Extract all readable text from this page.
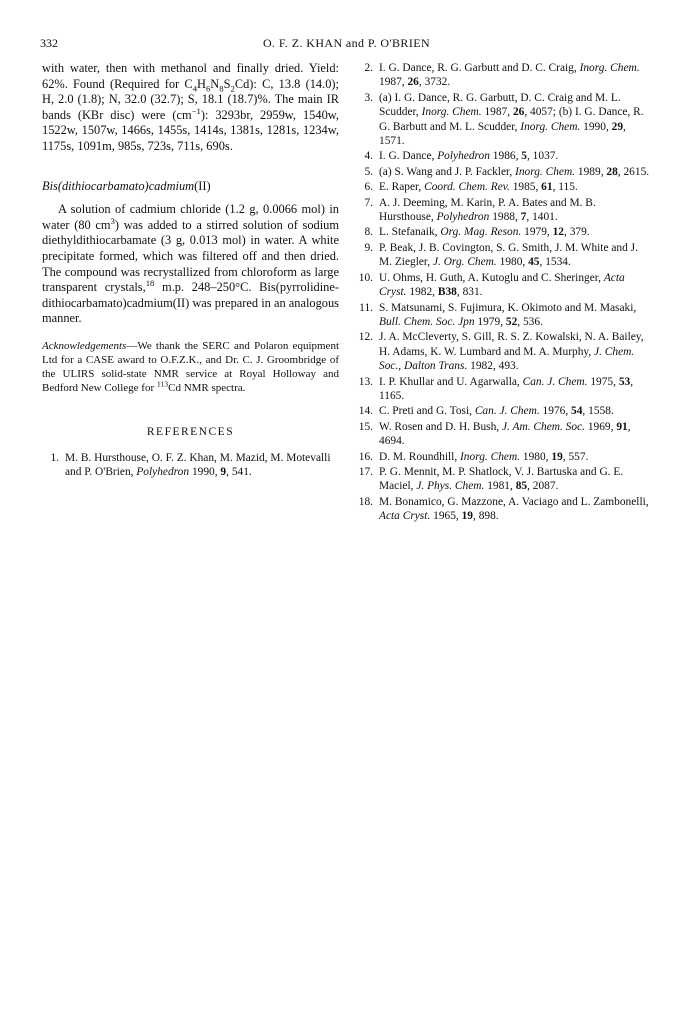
332	O. F. Z. KHAN and P. O'BRIEN

with water, then with methanol and finally dried. Yield: 62%. Found (Required for $C_4H_6N_8S_2Cd$): C, 13.8 (14.0); H, 2.0 (1.8); N, 32.0 (32.7); S, 18.1 (18.7)%. The main IR bands (KBr disc) were $(cm^{-1})$: 3293br, 2959w, 1540w, 1522w, 1507w, 1466s, 1455s, 1414s, 1381s, 1281s, 1234w, 1175s, 1091m, 985s, 723s, 711s, 690s.

Bis(dithiocarbamato)cadmium(II)

A solution of cadmium chloride (1.2 g, 0.0066 mol) in water (80 $cm^3$) was added to a stirred solution of sodium diethyldithiocarbamate (3 g, 0.013 mol) in water. A white precipitate formed, which was filtered off and then dried. The compound was recrystallized from chloroform as large transparent crystals,$^{18}$ m.p. 248–250°C. Bis(pyrrolidine-dithiocarbamato)cadmium(II) was prepared in an analogous manner.

Acknowledgements—We thank the SERC and Polaron equipment Ltd for a CASE award to O.F.Z.K., and Dr. C. J. Groombridge of the ULIRS solid-state NMR service at Royal Holloway and Bedford New College for $^{113}$Cd NMR spectra.

REFERENCES

1. M. B. Hursthouse, O. F. Z. Khan, M. Mazid, M. Motevalli and P. O'Brien, Polyhedron 1990, 9, 541.
2. I. G. Dance, R. G. Garbutt and D. C. Craig, Inorg. Chem. 1987, 26, 3732.
3. (a) I. G. Dance, R. G. Garbutt, D. C. Craig and M. L. Scudder, Inorg. Chem. 1987, 26, 4057; (b) I. G. Dance, R. G. Barbutt and M. L. Scudder, Inorg. Chem. 1990, 29, 1571.
4. I. G. Dance, Polyhedron 1986, 5, 1037.
5. (a) S. Wang and J. P. Fackler, Inorg. Chem. 1989, 28, 2615.
6. E. Raper, Coord. Chem. Rev. 1985, 61, 115.
7. A. J. Deeming, M. Karin, P. A. Bates and M. B. Hursthouse, Polyhedron 1988, 7, 1401.
8. L. Stefanaik, Org. Mag. Reson. 1979, 12, 379.
9. P. Beak, J. B. Covington, S. G. Smith, J. M. White and J. M. Ziegler, J. Org. Chem. 1980, 45, 1534.
10. U. Ohms, H. Guth, A. Kutoglu and C. Sheringer, Acta Cryst. 1982, B38, 831.
11. S. Matsunami, S. Fujimura, K. Okimoto and M. Masaki, Bull. Chem. Soc. Jpn 1979, 52, 536.
12. J. A. McCleverty, S. Gill, R. S. Z. Kowalski, N. A. Bailey, H. Adams, K. W. Lumbard and M. A. Murphy, J. Chem. Soc., Dalton Trans. 1982, 493.
13. I. P. Khullar and U. Agarwalla, Can. J. Chem. 1975, 53, 1165.
14. C. Preti and G. Tosi, Can. J. Chem. 1976, 54, 1558.
15. W. Rosen and D. H. Bush, J. Am. Chem. Soc. 1969, 91, 4694.
16. D. M. Roundhill, Inorg. Chem. 1980, 19, 557.
17. P. G. Mennit, M. P. Shatlock, V. J. Bartuska and G. E. Maciel, J. Phys. Chem. 1981, 85, 2087.
18. M. Bonamico, G. Mazzone, A. Vaciago and L. Zambonelli, Acta Cryst. 1965, 19, 898.
